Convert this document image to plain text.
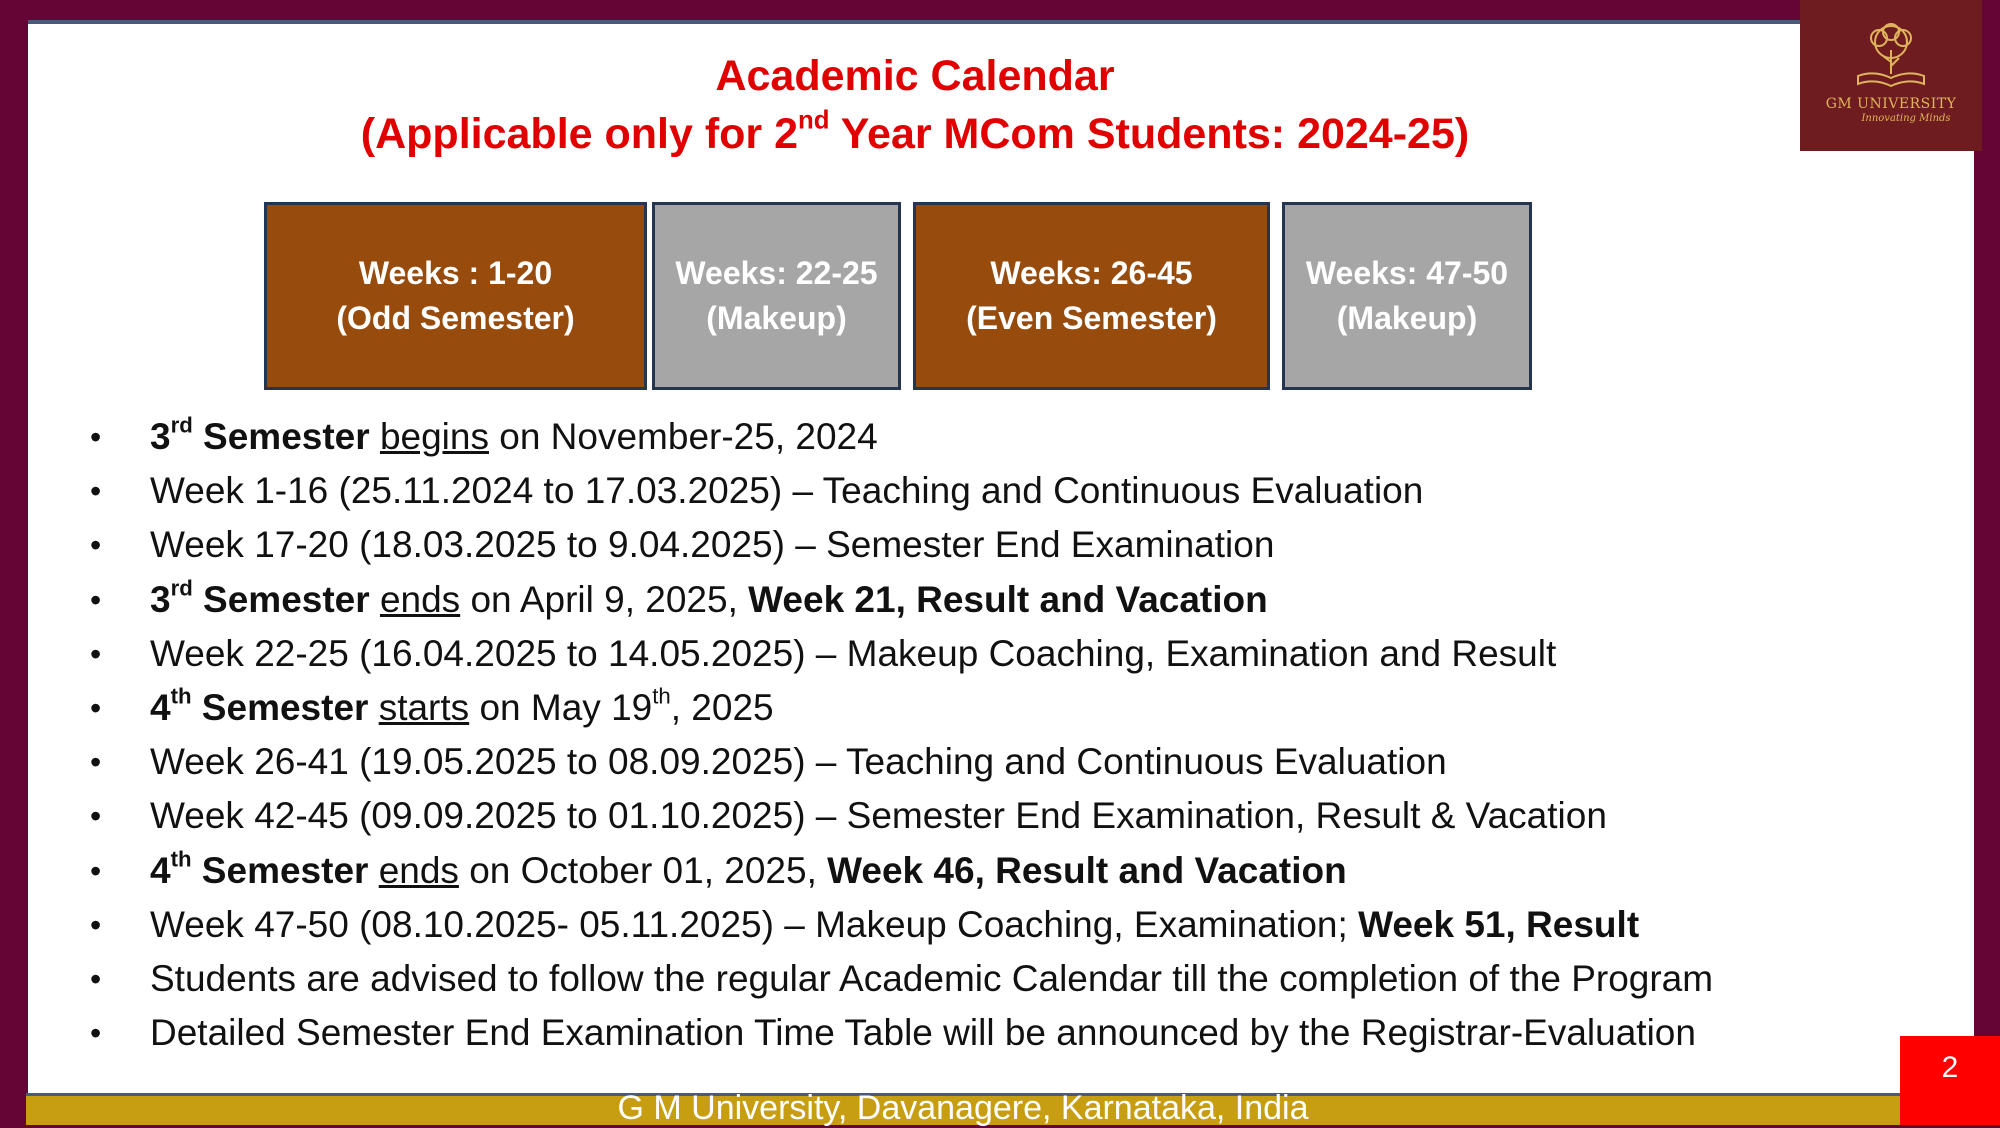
GM UNIVERSITY
Innovating Minds
Academic Calendar
(Applicable only for 2nd Year MCom Students: 2024-25)
Weeks : 1-20
(Odd Semester)
Weeks: 22-25
(Makeup)
Weeks: 26-45
(Even Semester)
Weeks: 47-50
(Makeup)
• 3rd Semester begins on November-25, 2024
• Week 1-16 (25.11.2024 to 17.03.2025) – Teaching and Continuous Evaluation
• Week 17-20 (18.03.2025 to 9.04.2025) – Semester End Examination
• 3rd Semester ends on April 9, 2025, Week 21, Result and Vacation
• Week 22-25 (16.04.2025 to 14.05.2025) – Makeup Coaching, Examination and Result
• 4th Semester starts on May 19th, 2025
• Week 26-41 (19.05.2025 to 08.09.2025) – Teaching and Continuous Evaluation
• Week 42-45 (09.09.2025 to 01.10.2025) – Semester End Examination, Result & Vacation
• 4th Semester ends on October 01, 2025, Week 46, Result and Vacation
• Week 47-50 (08.10.2025- 05.11.2025) – Makeup Coaching, Examination; Week 51, Result
• Students are advised to follow the regular Academic Calendar till the completion of the Program
• Detailed Semester End Examination Time Table will be announced by the Registrar-Evaluation
G M University, Davanagere, Karnataka, India
2
